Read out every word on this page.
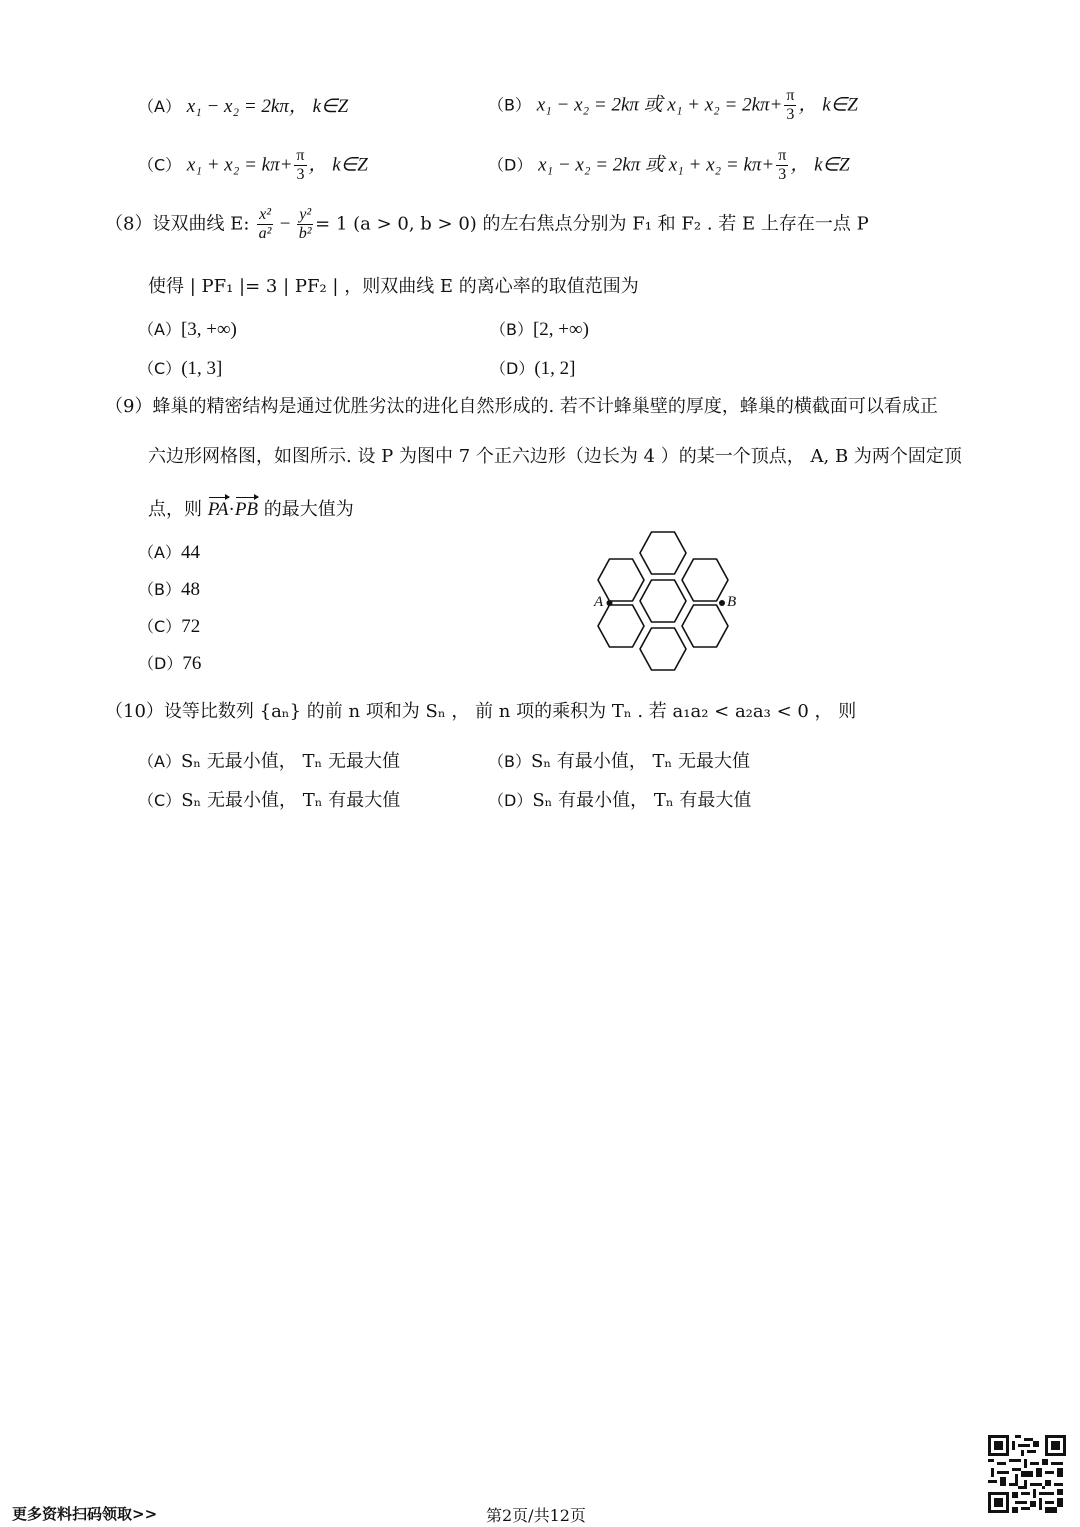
（A） x₁ − x₂ = 2kπ， k∈Z	（B） x₁ − x₂ = 2kπ 或 $x_1 + x_2 = 2k\pi+ \frac{\pi}{3}$ ， k∈Z
（C） $x_1 + x_2 = k\pi+ \frac{\pi}{3}$ ， k∈Z	（D） x₁ − x₂ = 2kπ 或 $x_1 + x_2 = k\pi+ \frac{\pi}{3}$ ， k∈Z
（8）设双曲线 E: $\frac{\text{x²}}{\text{a²}} - \frac{\text{y²}}{\text{b²}} = 1$ (a > 0, b > 0) 的左右焦点分别为 F₁ 和 F₂ . 若 E 上存在一点 P
使得 | PF₁ |= 3 | PF₂ | ，则双曲线 E 的离心率的取值范围为
（A）[3, +∞)	（B）[2, +∞)
（C）(1, 3]	（D）(1, 2]
（9）蜂巢的精密结构是通过优胜劣汰的进化自然形成的. 若不计蜂巢壁的厚度，蜂巢的横截面可以看成正
六边形网格图，如图所示. 设 P 为图中 7 个正六边形（边长为 4 ）的某一个顶点， A, B 为两个固定顶
点，则 PA·PB 的最大值为
（A）44
（B）48
（C）72
（D）76
A	B
（10）设等比数列 {aₙ} 的前 n 项和为 Sₙ ， 前 n 项的乘积为 Tₙ . 若 a₁a₂ < a₂a₃ < 0 ， 则
（A）Sₙ 无最小值， Tₙ 无最大值	（B）Sₙ 有最小值， Tₙ 无最大值
（C）Sₙ 无最小值， Tₙ 有最大值	（D）Sₙ 有最小值， Tₙ 有最大值
更多资料扫码领取>>	第2页/共12页
